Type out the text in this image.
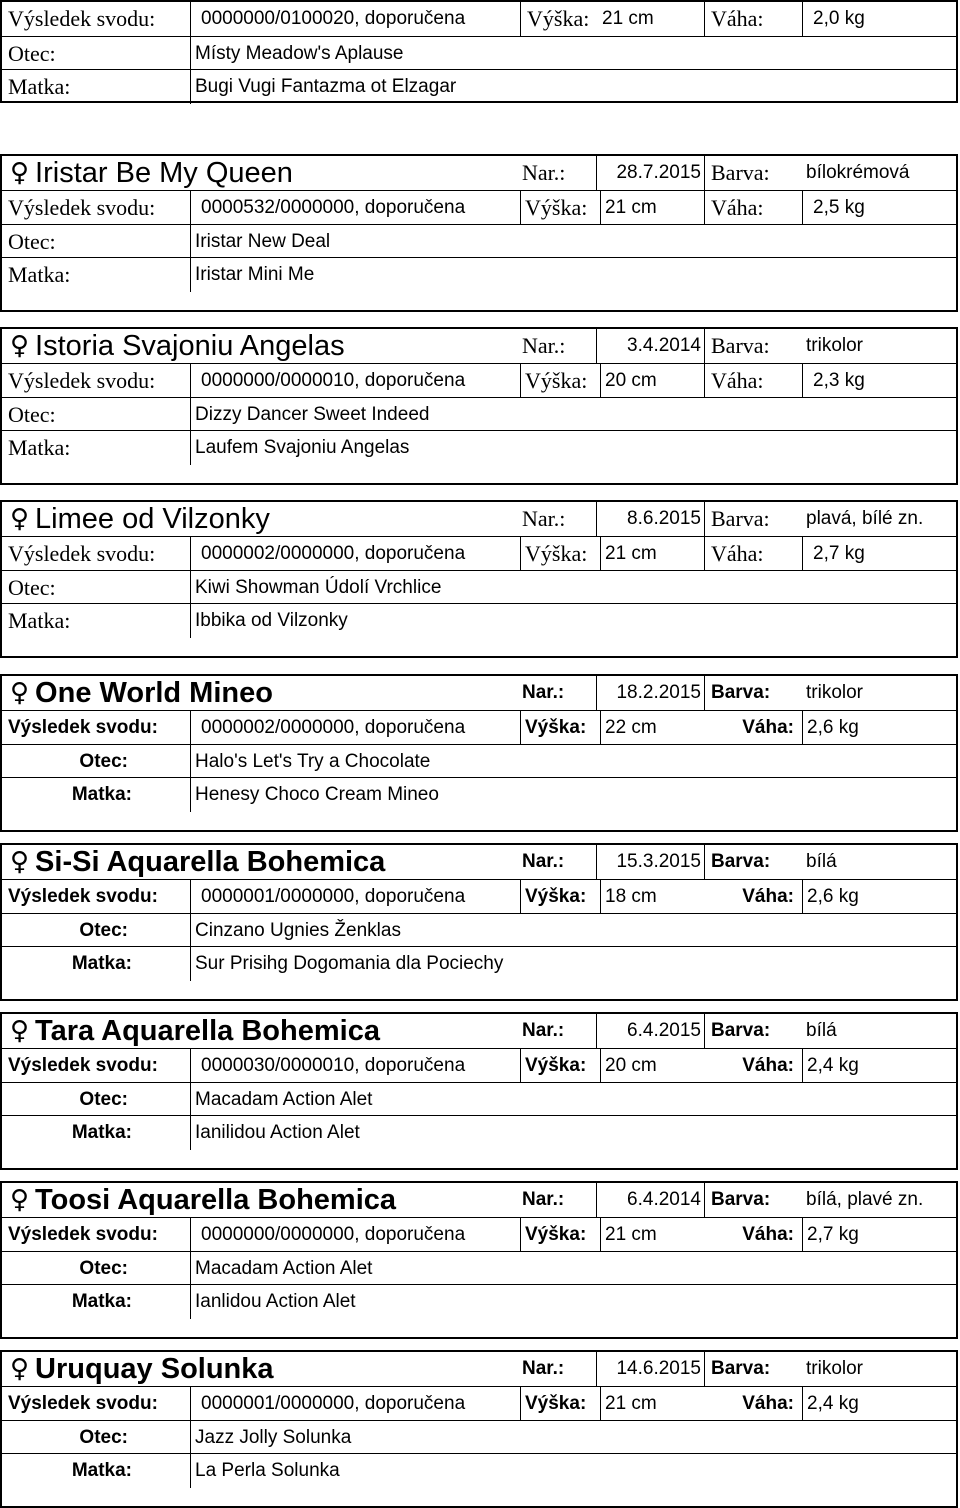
Výsledek svodu:	0000000/0100020, doporučena	Výška: 21 cm	Váha:	2,0 kg
Otec:	Místy Meadow's Aplause
Matka:	Bugi Vugi Fantazma ot Elzagar
♀ Iristar Be My Queen	Nar.:	28.7.2015 Barva:	bílokrémová
Výsledek svodu:	0000532/0000000, doporučena	Výška: 21 cm	Váha:	2,5 kg
Otec:	Iristar New Deal
Matka:	Iristar Mini Me
♀ Istoria Svajoniu Angelas	Nar.:	3.4.2014 Barva:	trikolor
Výsledek svodu:	0000000/0000010, doporučena	Výška: 20 cm	Váha:	2,3 kg
Otec:	Dizzy Dancer Sweet Indeed
Matka:	Laufem Svajoniu Angelas
♀ Limee od Vilzonky	Nar.:	8.6.2015 Barva:	plavá, bílé zn.
Výsledek svodu:	0000002/0000000, doporučena	Výška: 21 cm	Váha:	2,7 kg
Otec:	Kiwi Showman Údolí Vrchlice
Matka:	Ibbika od Vilzonky
♀ One World Mineo	Nar.:	18.2.2015 Barva:	trikolor
Výsledek svodu:	0000002/0000000, doporučena	Výška: 22 cm	Váha: 2,6 kg
Otec:	Halo's Let's Try a Chocolate
Matka:	Henesy Choco Cream Mineo
♀ Si-Si Aquarella Bohemica	Nar.:	15.3.2015 Barva:	bílá
Výsledek svodu:	0000001/0000000, doporučena	Výška: 18 cm	Váha: 2,6 kg
Otec:	Cinzano Ugnies Ženklas
Matka:	Sur Prisihg Dogomania dla Pociechy
♀ Tara Aquarella Bohemica	Nar.:	6.4.2015 Barva:	bílá
Výsledek svodu:	0000030/0000010, doporučena	Výška: 20 cm	Váha: 2,4 kg
Otec:	Macadam Action Alet
Matka:	Ianilidou Action Alet
♀ Toosi Aquarella Bohemica	Nar.:	6.4.2014 Barva:	bílá, plavé zn.
Výsledek svodu:	0000000/0000000, doporučena	Výška: 21 cm	Váha: 2,7 kg
Otec:	Macadam Action Alet
Matka:	Ianlidou Action Alet
♀ Uruquay Solunka	Nar.:	14.6.2015 Barva:	trikolor
Výsledek svodu:	0000001/0000000, doporučena	Výška: 21 cm	Váha: 2,4 kg
Otec:	Jazz Jolly Solunka
Matka:	La Perla Solunka
